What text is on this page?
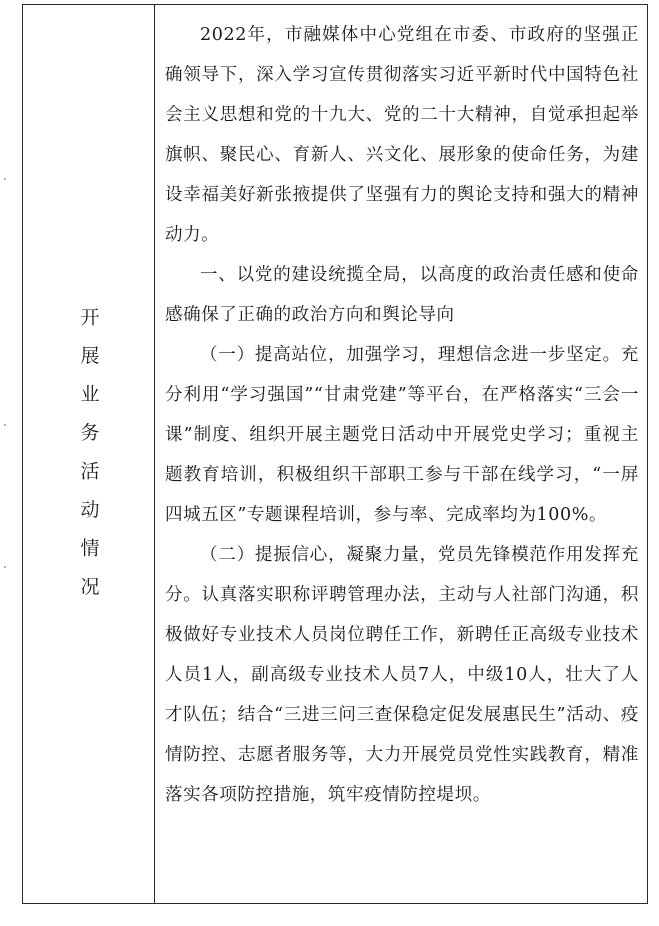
开展业务活动情况

2022年，市融媒体中心党组在市委、市政府的坚强正确领导下，深入学习宣传贯彻落实习近平新时代中国特色社会主义思想和党的十九大、党的二十大精神，自觉承担起举旗帜、聚民心、育新人、兴文化、展形象的使命任务，为建设幸福美好新张掖提供了坚强有力的舆论支持和强大的精神动力。

一、以党的建设统揽全局，以高度的政治责任感和使命感确保了正确的政治方向和舆论导向

（一）提高站位，加强学习，理想信念进一步坚定。充分利用“学习强国”“甘肃党建”等平台，在严格落实“三会一课”制度、组织开展主题党日活动中开展党史学习；重视主题教育培训，积极组织干部职工参与干部在线学习，“一屏四城五区”专题课程培训，参与率、完成率均为100%。

（二）提振信心，凝聚力量，党员先锋模范作用发挥充分。认真落实职称评聘管理办法，主动与人社部门沟通，积极做好专业技术人员岗位聘任工作，新聘任正高级专业技术人员1人，副高级专业技术人员7人，中级10人，壮大了人才队伍；结合“三进三问三查保稳定促发展惠民生”活动、疫情防控、志愿者服务等，大力开展党员党性实践教育，精准落实各项防控措施，筑牢疫情防控堤坝。
